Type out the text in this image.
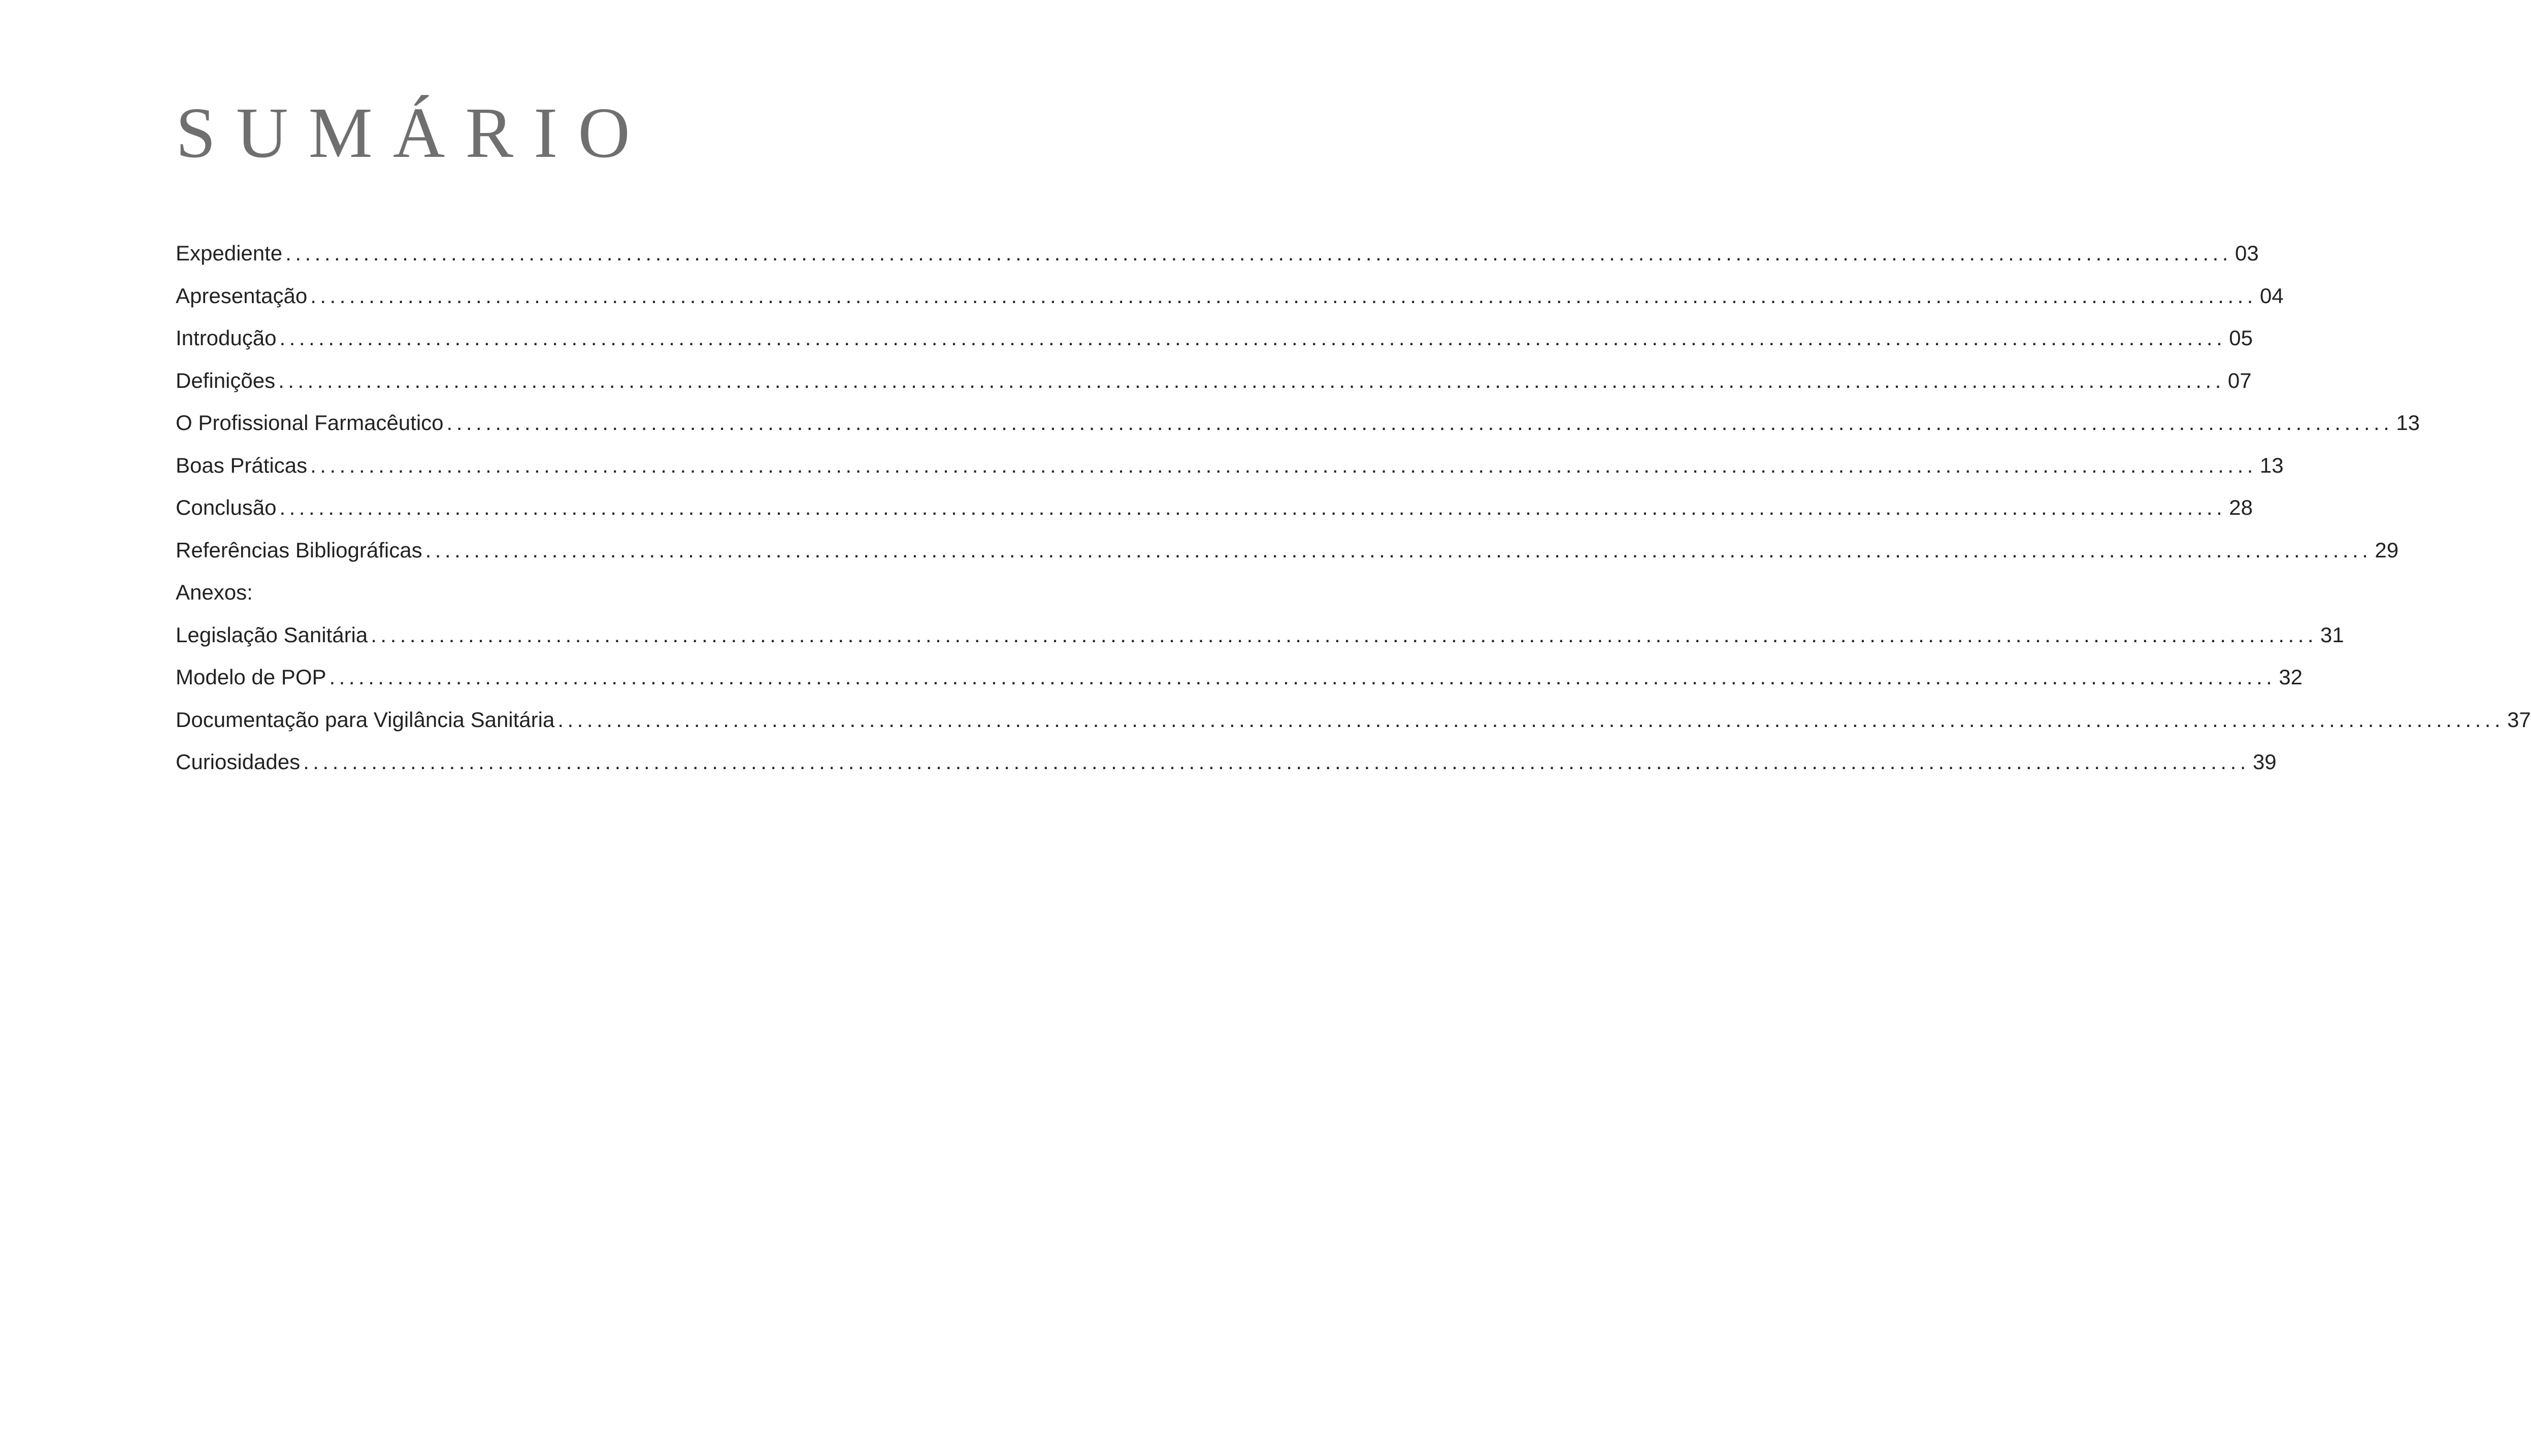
SUMÁRIO
Expediente ........................................................................................................................................................................................................ 03
Apresentação ........................................................................................................................................................................................................ 04
Introdução ........................................................................................................................................................................................................ 05
Definições ........................................................................................................................................................................................................ 07
O Profissional Farmacêutico ........................................................................................................................................................................................................ 13
Boas Práticas ........................................................................................................................................................................................................ 13
Conclusão ........................................................................................................................................................................................................ 28
Referências Bibliográficas ........................................................................................................................................................................................................ 29
Anexos:
Legislação Sanitária ........................................................................................................................................................................................................ 31
Modelo de POP ........................................................................................................................................................................................................ 32
Documentação para Vigilância Sanitária ........................................................................................................................................................................................................ 37
Curiosidades ........................................................................................................................................................................................................ 39
